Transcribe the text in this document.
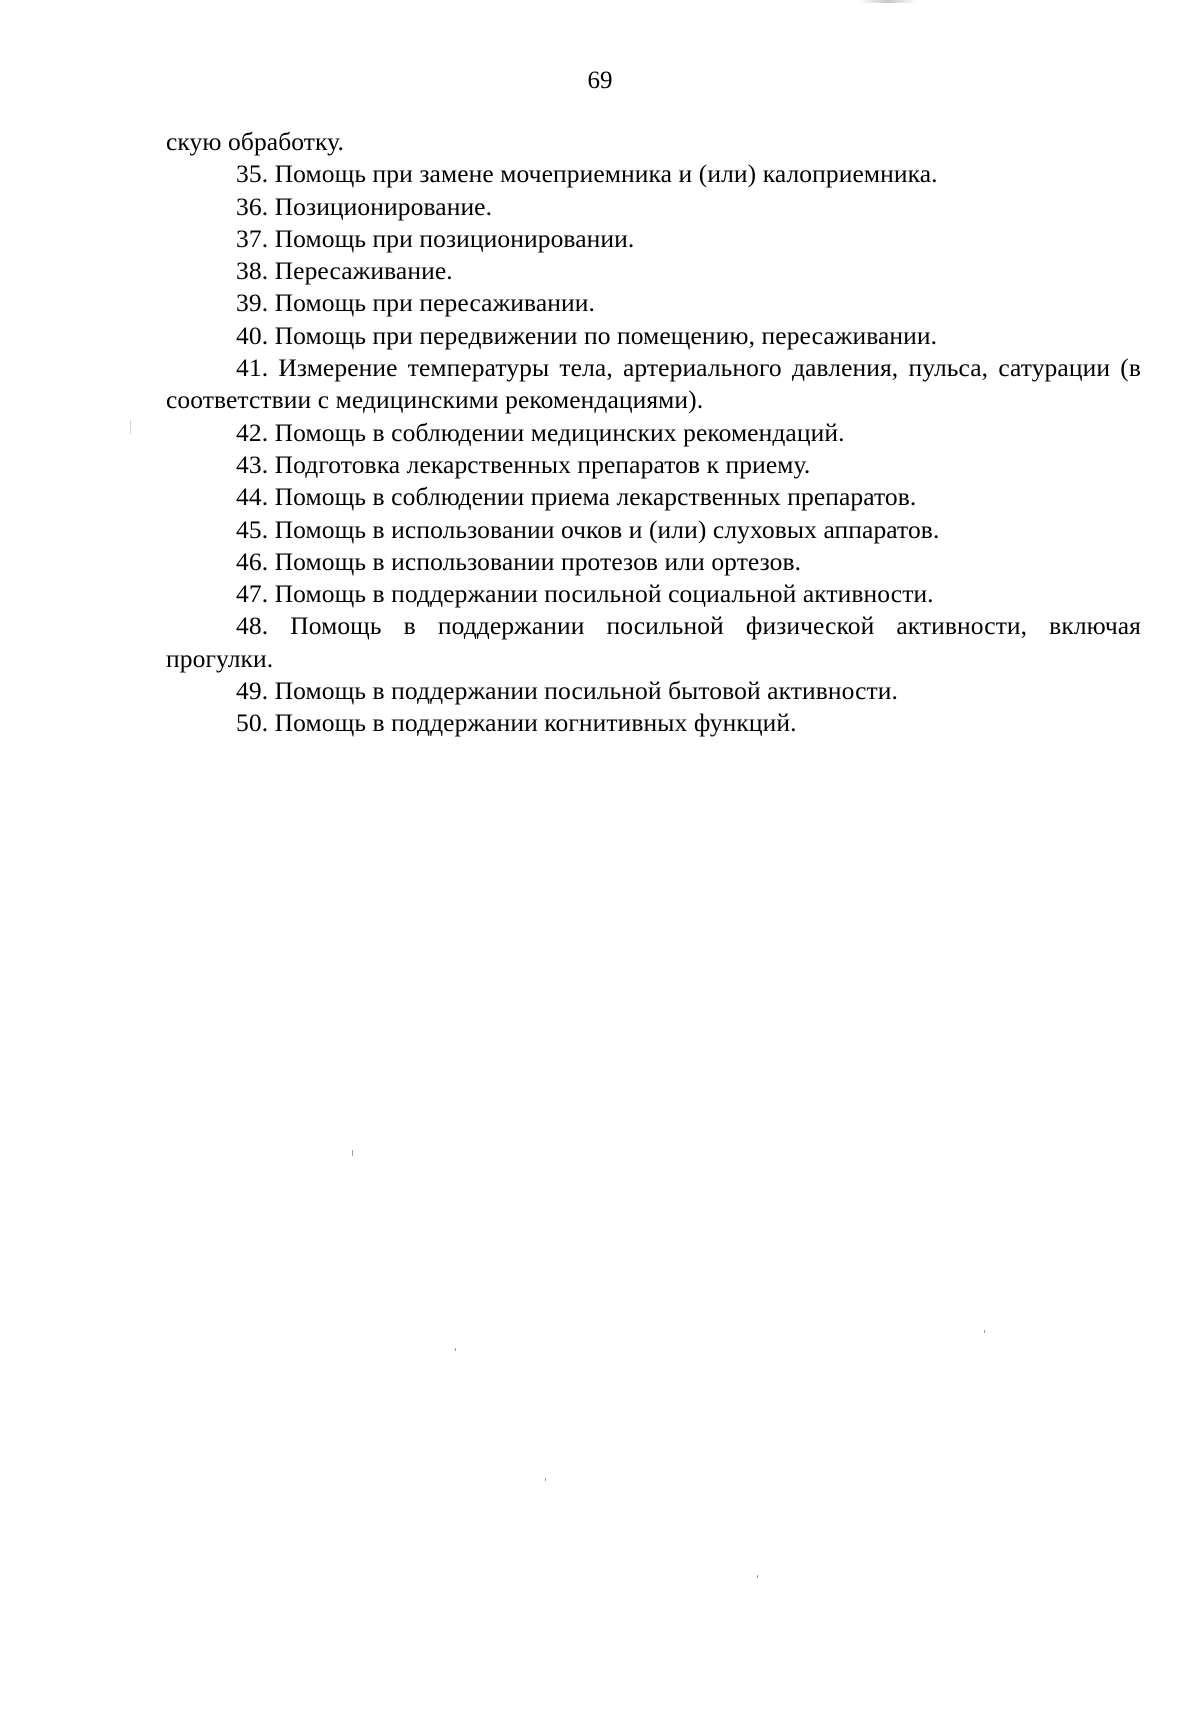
69

скую обработку.

35. Помощь при замене мочеприемника и (или) калоприемника.

36. Позиционирование.

37. Помощь при позиционировании.

38. Пересаживание.

39. Помощь при пересаживании.

40. Помощь при передвижении по помещению, пересаживании.

41. Измерение температуры тела, артериального давления, пульса, сатурации (в соответствии с медицинскими рекомендациями).

42. Помощь в соблюдении медицинских рекомендаций.

43. Подготовка лекарственных препаратов к приему.

44. Помощь в соблюдении приема лекарственных препаратов.

45. Помощь в использовании очков и (или) слуховых аппаратов.

46. Помощь в использовании протезов или ортезов.

47. Помощь в поддержании посильной социальной активности.

48. Помощь в поддержании посильной физической активности, включая прогулки.

49. Помощь в поддержании посильной бытовой активности.

50. Помощь в поддержании когнитивных функций.
